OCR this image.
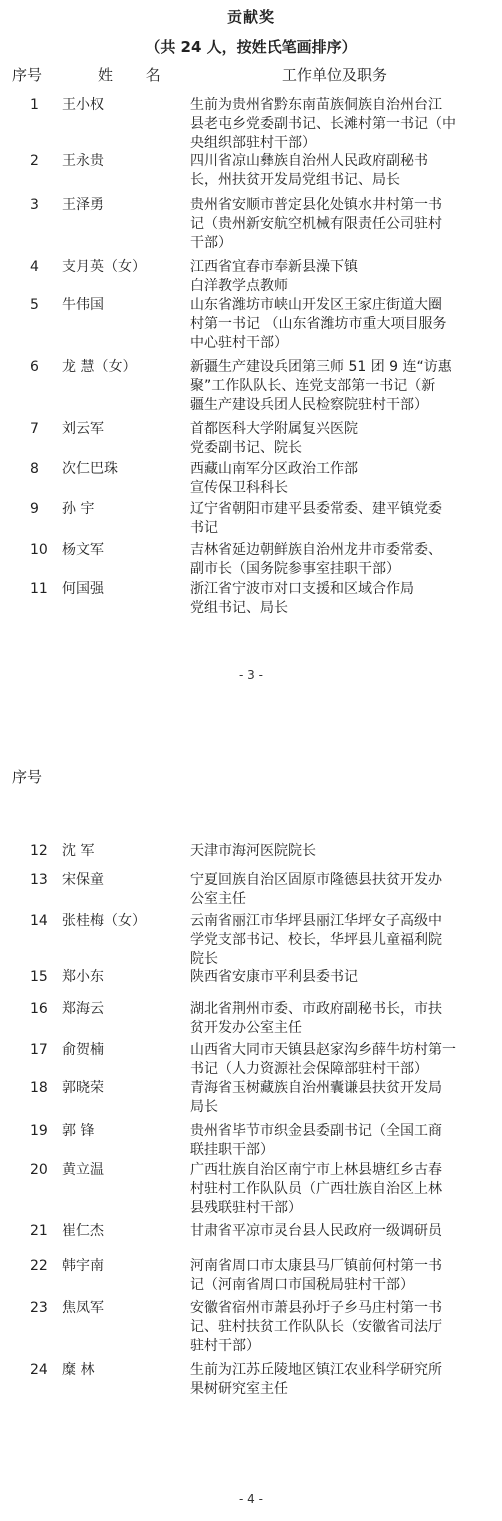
贡献奖
（共 24 人，按姓氏笔画排序）
序号	姓 名	工作单位及职务
- 3 -
序号
- 4 -
1	王小权	生前为贵州省黔东南苗族侗族自治州台江
县老屯乡党委副书记、长滩村第一书记（中
央组织部驻村干部）
2	王永贵	四川省凉山彝族自治州人民政府副秘书
长，州扶贫开发局党组书记、局长
3	王泽勇	贵州省安顺市普定县化处镇水井村第一书
记（贵州新安航空机械有限责任公司驻村
干部）
4	支月英（女）	江西省宜春市奉新县澡下镇
白洋教学点教师
5	牛伟国	山东省潍坊市峡山开发区王家庄街道大圈
村第一书记 （山东省潍坊市重大项目服务
中心驻村干部）
6	龙 慧（女）	新疆生产建设兵团第三师 51 团 9 连“访惠
聚”工作队队长、连党支部第一书记（新
疆生产建设兵团人民检察院驻村干部）
7	刘云军	首都医科大学附属复兴医院
党委副书记、院长
8	次仁巴珠	西藏山南军分区政治工作部
宣传保卫科科长
9	孙 宇	辽宁省朝阳市建平县委常委、建平镇党委
书记
10	杨文军	吉林省延边朝鲜族自治州龙井市委常委、
副市长（国务院参事室挂职干部）
11	何国强	浙江省宁波市对口支援和区域合作局
党组书记、局长
12	沈 军	天津市海河医院院长
13	宋保童	宁夏回族自治区固原市隆德县扶贫开发办
公室主任
14	张桂梅（女）	云南省丽江市华坪县丽江华坪女子高级中
学党支部书记、校长，华坪县儿童福利院
院长
15	郑小东	陕西省安康市平利县委书记
16	郑海云	湖北省荆州市委、市政府副秘书长，市扶
贫开发办公室主任
17	俞贺楠	山西省大同市天镇县赵家沟乡薛牛坊村第一
书记（人力资源社会保障部驻村干部）
18	郭晓荣	青海省玉树藏族自治州囊谦县扶贫开发局
局长
19	郭 锋	贵州省毕节市织金县委副书记（全国工商
联挂职干部）
20	黄立温	广西壮族自治区南宁市上林县塘红乡古春
村驻村工作队队员（广西壮族自治区上林
县残联驻村干部）
21	崔仁杰	甘肃省平凉市灵台县人民政府一级调研员
22	韩宇南	河南省周口市太康县马厂镇前何村第一书
记（河南省周口市国税局驻村干部）
23	焦凤军	安徽省宿州市萧县孙圩子乡马庄村第一书
记、驻村扶贫工作队队长（安徽省司法厅
驻村干部）
24	糜 林	生前为江苏丘陵地区镇江农业科学研究所
果树研究室主任
